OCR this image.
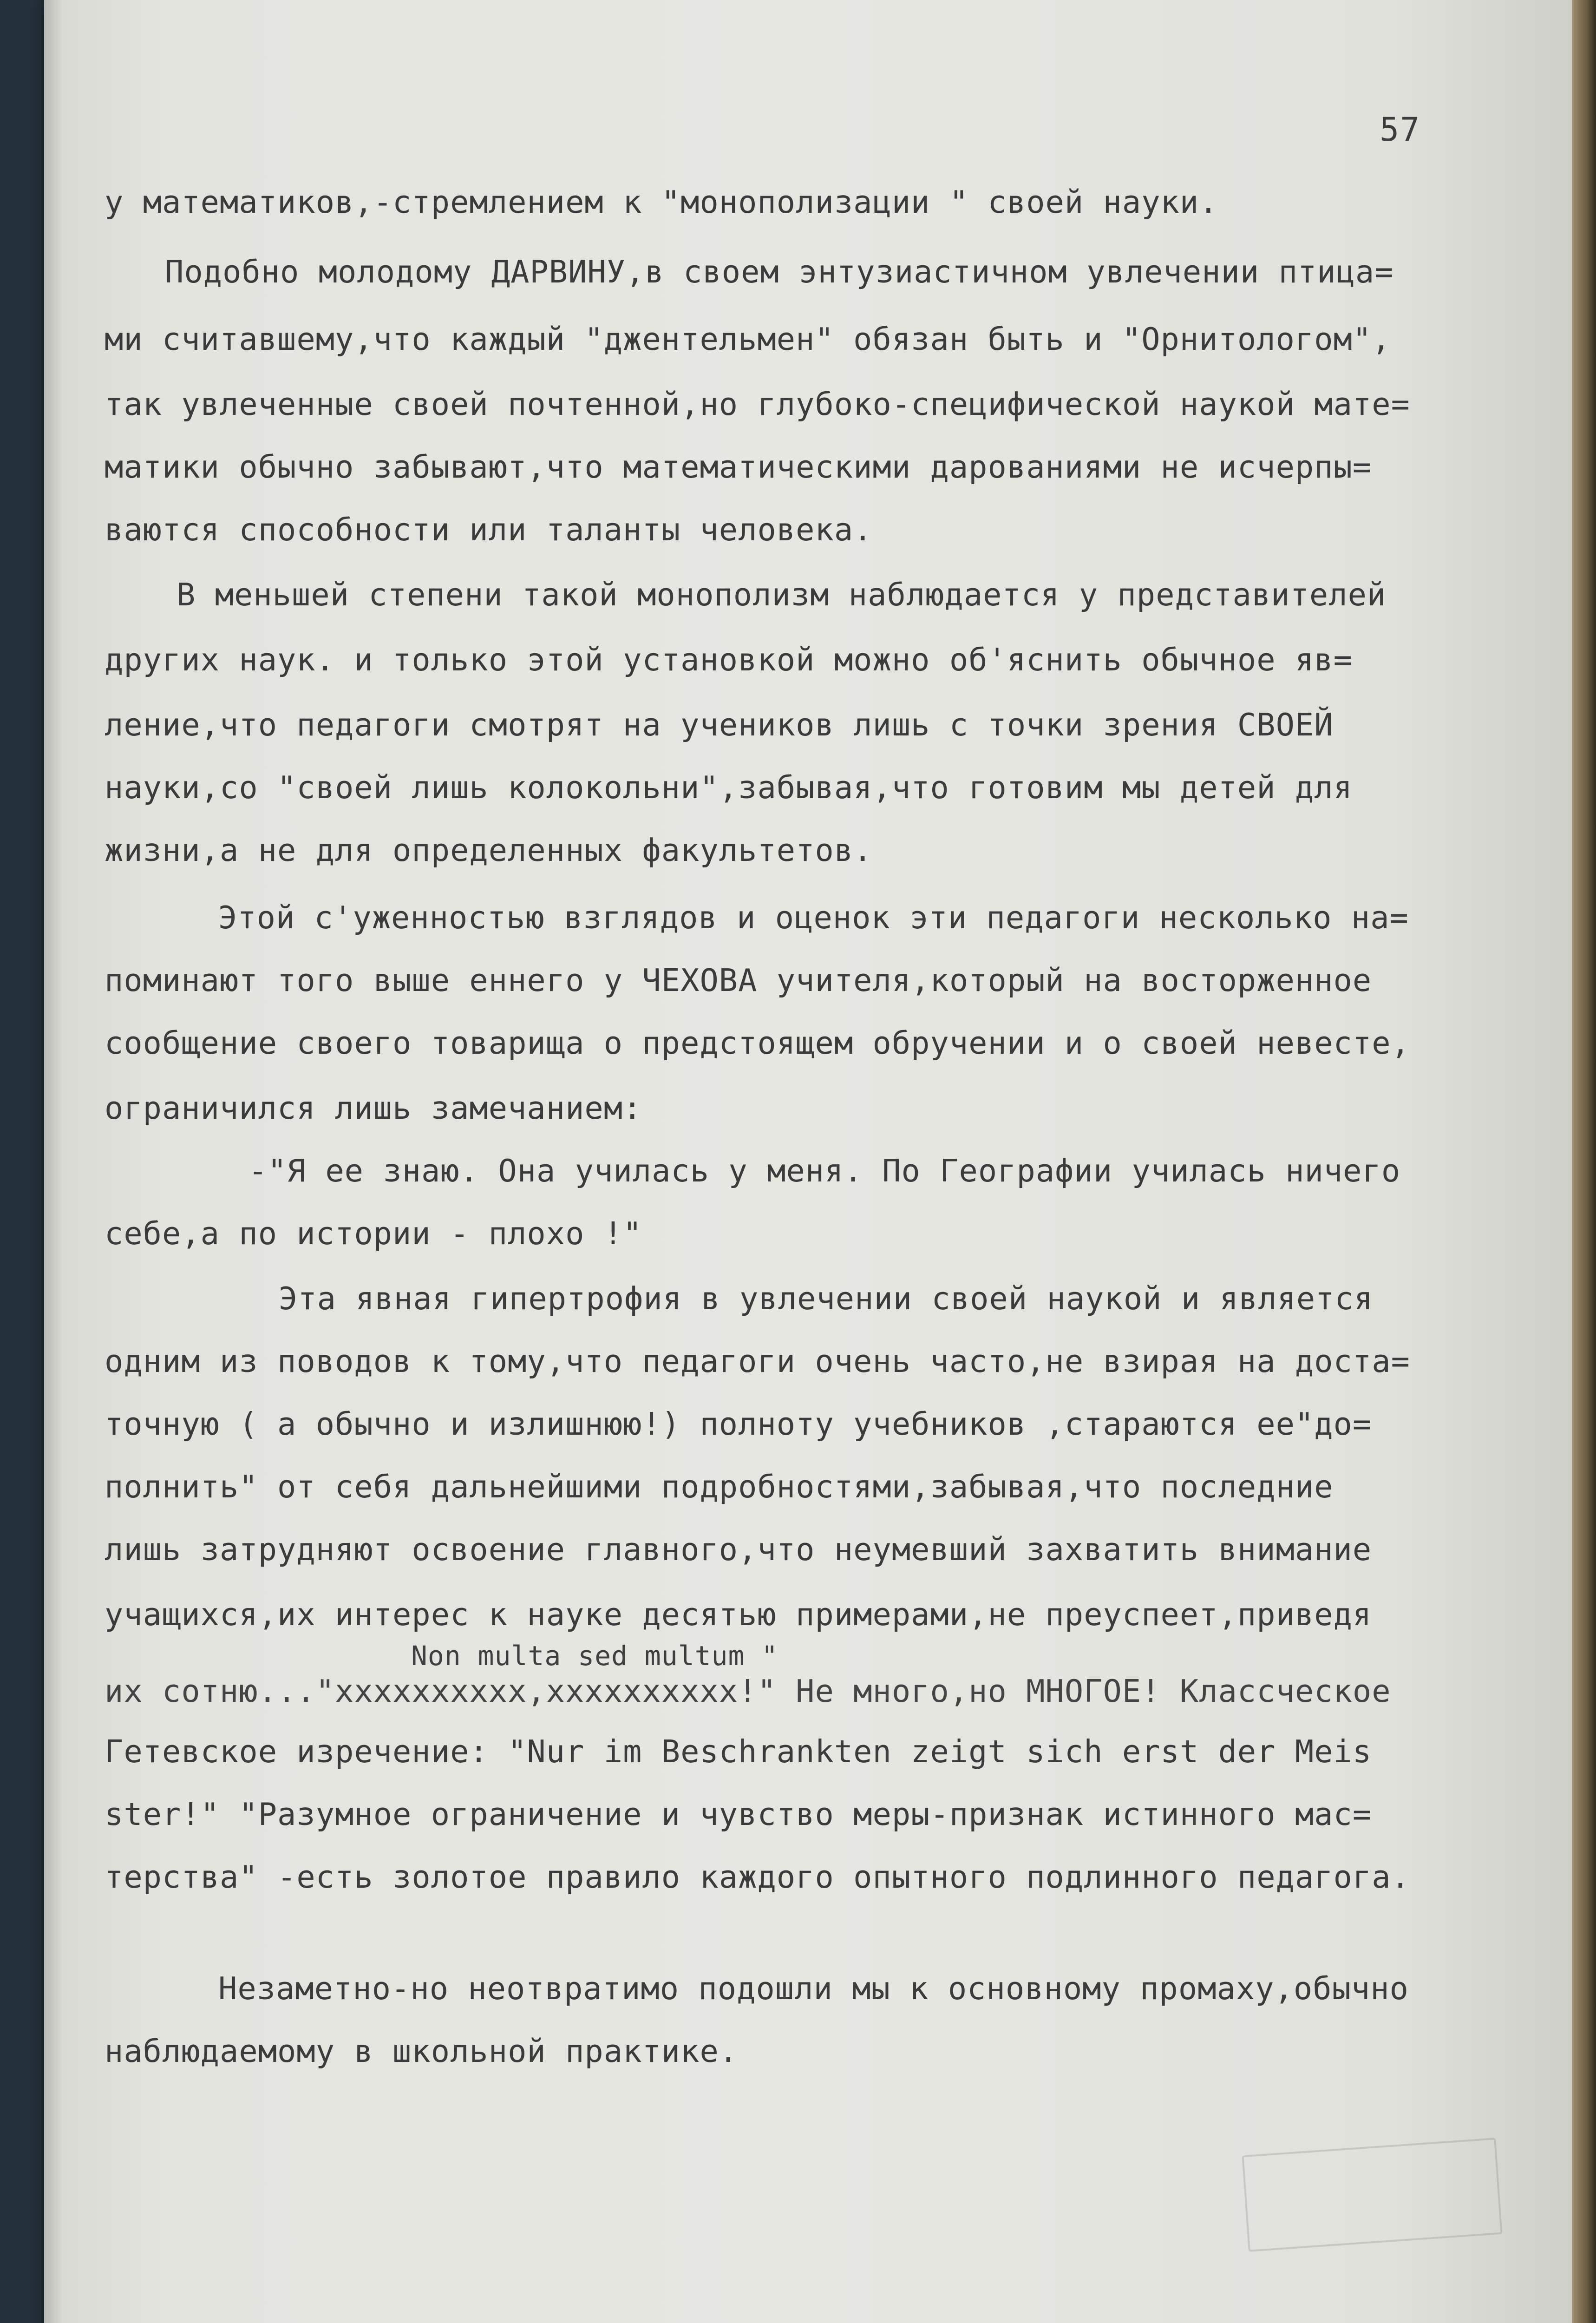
57
у математиков,-стремлением к "монополизации " своей науки.
Подобно молодому ДАРВИНУ,в своем энтузиастичном увлечении птица=
ми считавшему,что каждый "джентельмен" обязан быть и "Орнитологом",
так увлеченные своей почтенной,но глубоко-специфической наукой мате=
матики обычно забывают,что математическими дарованиями не исчерпы=
ваются способности или таланты человека.
В меньшей степени такой монополизм наблюдается у представителей
других наук. и только этой установкой можно об'яснить обычное яв=
ление,что педагоги смотрят на учеников лишь с точки зрения СВОЕЙ
науки,со "своей лишь колокольни",забывая,что готовим мы детей для
жизни,а не для определенных факультетов.
Этой с'уженностью взглядов и оценок эти педагоги несколько на=
поминают того выше еннего у ЧЕХОВА учителя,который на восторженное
сообщение своего товарища о предстоящем обручении и о своей невесте,
ограничился лишь замечанием:
-"Я ее знаю. Она училась у меня. По Географии училась ничего
себе,а по истории - плохо !"
Эта явная гипертрофия в увлечении своей наукой и является
одним из поводов к тому,что педагоги очень часто,не взирая на доста=
точную ( а обычно и излишнюю!) полноту учебников ,стараются ее"до=
полнить" от себя дальнейшими подробностями,забывая,что последние
лишь затрудняют освоение главного,что неумевший захватить внимание
учащихся,их интерес к науке десятью примерами,не преуспеет,приведя
Non multa sed multum "
их сотню..."хххххххххх,хххххххххх!" Не много,но МНОГОЕ! Классческое
Гетевское изречение: "Nur im Beschrankten zeigt sich erst der Meis
ster!" "Разумное ограничение и чувство меры-признак истинного мас=
терства" -есть золотое правило каждого опытного подлинного педагога.
Незаметно-но неотвратимо подошли мы к основному промаху,обычно
наблюдаемому в школьной практике.
